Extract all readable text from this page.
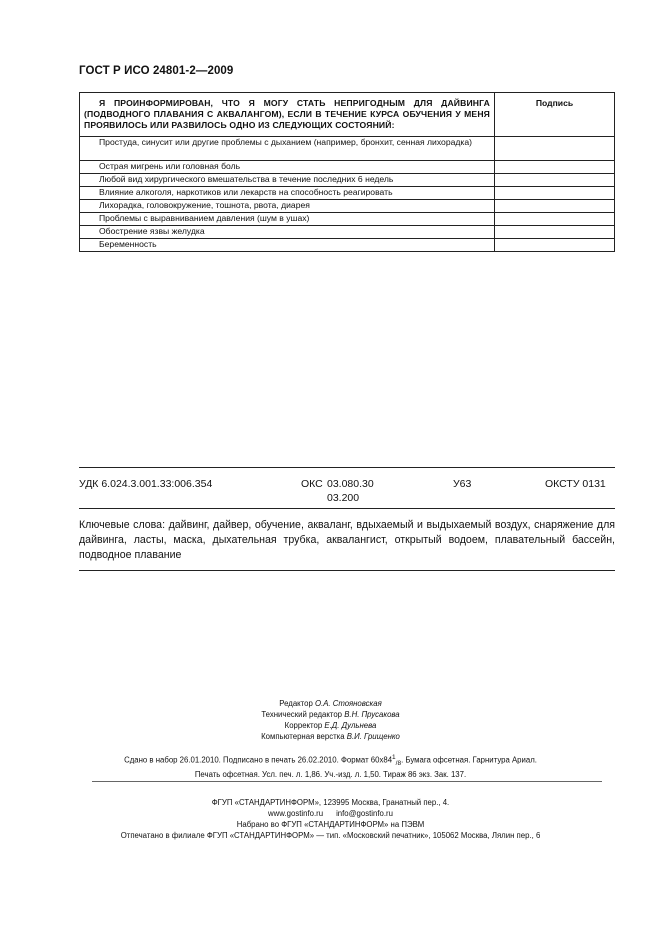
ГОСТ Р ИСО 24801-2—2009
Я ПРОИНФОРМИРОВАН, ЧТО Я МОГУ СТАТЬ НЕПРИГОДНЫМ ДЛЯ ДАЙВИНГА (ПОДВОДНОГО ПЛАВАНИЯ С АКВАЛАНГОМ), ЕСЛИ В ТЕЧЕНИЕ КУРСА ОБУЧЕНИЯ У МЕНЯ ПРОЯВИЛОСЬ ИЛИ РАЗВИЛОСЬ ОДНО ИЗ СЛЕДУЮЩИХ СОСТОЯНИЙ:	Подпись

Простуда, синусит или другие проблемы с дыханием (например, бронхит, сенная лихорадка)	

Острая мигрень или головная боль	

Любой вид хирургического вмешательства в течение последних 6 недель	

Влияние алкоголя, наркотиков или лекарств на способность реагировать	

Лихорадка, головокружение, тошнота, рвота, диарея	

Проблемы с выравниванием давления (шум в ушах)	

Обострение язвы желудка	

Беременность	

УДК 6.024.3.001.33:006.354	ОКС 03.080.30
03.200
У63	ОКСТУ 0131
Ключевые слова: дайвинг, дайвер, обучение, акваланг, вдыхаемый и выдыхаемый воздух, снаряжение для дайвинга, ласты, маска, дыхательная трубка, аквалангист, открытый водоем, плавательный бассейн, подводное плавание
Редактор О.А. Стояновская
Технический редактор В.Н. Прусакова
Корректор Е.Д. Дульнева
Компьютерная верстка В.И. Грищенко
Сдано в набор 26.01.2010. Подписано в печать 26.02.2010. Формат $60x84^1_{/8}$. Бумага офсетная. Гарнитура Ариал.
Печать офсетная. Усл. печ. л. 1,86. Уч.-изд. л. 1,50. Тираж 86 экз. Зак. 137.
ФГУП «СТАНДАРТИНФОРМ», 123995 Москва, Гранатный пер., 4.
www.gostinfo.ru info@gostinfo.ru
Набрано во ФГУП «СТАНДАРТИНФОРМ» на ПЭВМ
Отпечатано в филиале ФГУП «СТАНДАРТИНФОРМ» — тип. «Московский печатник», 105062 Москва, Лялин пер., 6
